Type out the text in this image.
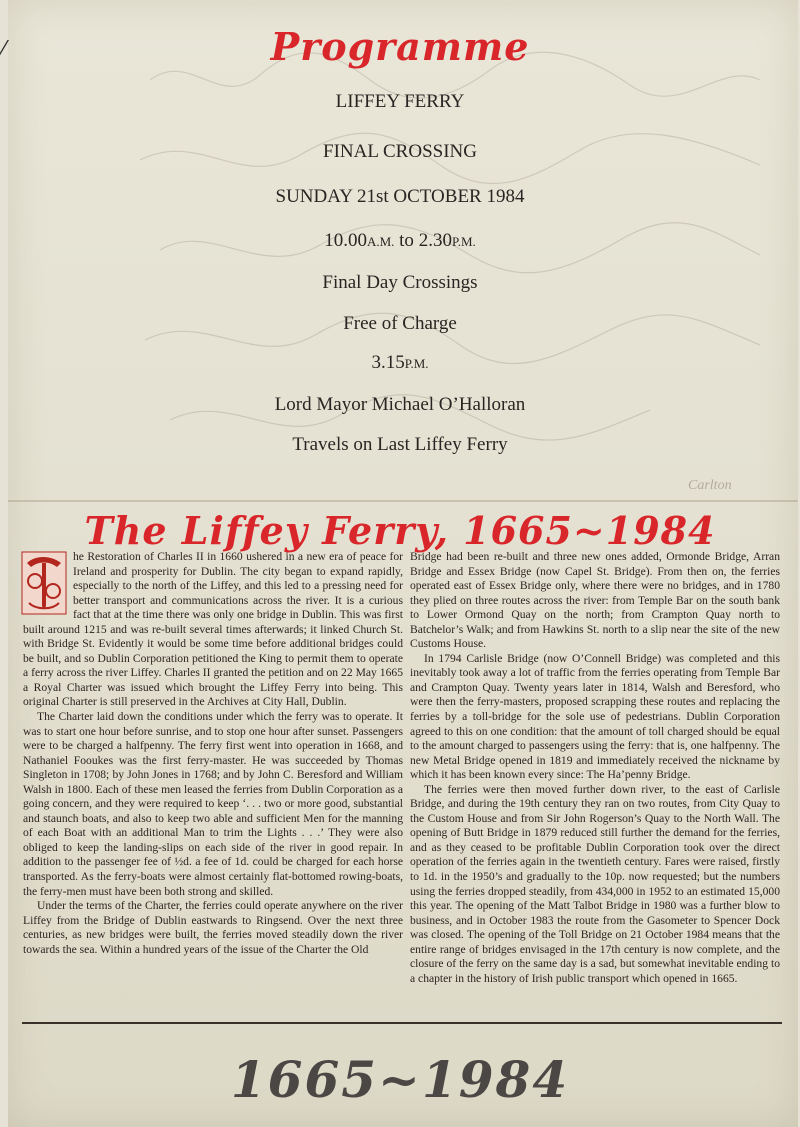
⁄	Programme
LIFFEY FERRY
FINAL CROSSING
SUNDAY 21st OCTOBER 1984
10.00A.M. to 2.30P.M.
Final Day Crossings
Free of Charge
3.15P.M.
Lord Mayor Michael O’Halloran
Travels on Last Liffey Ferry
Carlton
The Liffey Ferry, 1665~1984

he Restoration of Charles II in 1660 ushered in a new era of peace for Ireland and prosperity for Dublin. The city began to expand rapidly, especially to the north of the Liffey, and this led to a pressing need for better transport and communications across the river. It is a curious fact that at the time there was only one bridge in Dublin. This was first built around 1215 and was re-built several times afterwards; it linked Church St. with Bridge St. Evidently it would be some time before additional bridges could be built, and so Dublin Corporation petitioned the King to permit them to operate a ferry across the river Liffey. Charles II granted the petition and on 22 May 1665 a Royal Charter was issued which brought the Liffey Ferry into being. This original Charter is still preserved in the Archives at City Hall, Dublin.

The Charter laid down the conditions under which the ferry was to operate. It was to start one hour before sunrise, and to stop one hour after sunset. Passengers were to be charged a halfpenny. The ferry first went into operation in 1668, and Nathaniel Fooukes was the first ferry-master. He was succeeded by Thomas Singleton in 1708; by John Jones in 1768; and by John C. Beresford and William Walsh in 1800. Each of these men leased the ferries from Dublin Corporation as a going concern, and they were required to keep ‘. . . two or more good, substantial and staunch boats, and also to keep two able and sufficient Men for the manning of each Boat with an additional Man to trim the Lights . . .’ They were also obliged to keep the landing-slips on each side of the river in good repair. In addition to the passenger fee of ½d. a fee of 1d. could be charged for each horse transported. As the ferry-boats were almost certainly flat-bottomed rowing-boats, the ferry-men must have been both strong and skilled.

Under the terms of the Charter, the ferries could operate anywhere on the river Liffey from the Bridge of Dublin eastwards to Ringsend. Over the next three centuries, as new bridges were built, the ferries moved steadily down the river towards the sea. Within a hundred years of the issue of the Charter the Old

Bridge had been re-built and three new ones added, Ormonde Bridge, Arran Bridge and Essex Bridge (now Capel St. Bridge). From then on, the ferries operated east of Essex Bridge only, where there were no bridges, and in 1780 they plied on three routes across the river: from Temple Bar on the south bank to Lower Ormond Quay on the north; from Crampton Quay north to Batchelor’s Walk; and from Hawkins St. north to a slip near the site of the new Customs House.

In 1794 Carlisle Bridge (now O’Connell Bridge) was completed and this inevitably took away a lot of traffic from the ferries operating from Temple Bar and Crampton Quay. Twenty years later in 1814, Walsh and Beresford, who were then the ferry-masters, proposed scrapping these routes and replacing the ferries by a toll-bridge for the sole use of pedestrians. Dublin Corporation agreed to this on one condition: that the amount of toll charged should be equal to the amount charged to passengers using the ferry: that is, one halfpenny. The new Metal Bridge opened in 1819 and immediately received the nickname by which it has been known every since: The Ha’penny Bridge.

The ferries were then moved further down river, to the east of Carlisle Bridge, and during the 19th century they ran on two routes, from City Quay to the Custom House and from Sir John Rogerson’s Quay to the North Wall. The opening of Butt Bridge in 1879 reduced still further the demand for the ferries, and as they ceased to be profitable Dublin Corporation took over the direct operation of the ferries again in the twentieth century. Fares were raised, firstly to 1d. in the 1950’s and gradually to the 10p. now requested; but the numbers using the ferries dropped steadily, from 434,000 in 1952 to an estimated 15,000 this year. The opening of the Matt Talbot Bridge in 1980 was a further blow to business, and in October 1983 the route from the Gasometer to Spencer Dock was closed. The opening of the Toll Bridge on 21 October 1984 means that the entire range of bridges envisaged in the 17th century is now complete, and the closure of the ferry on the same day is a sad, but somewhat inevitable ending to a chapter in the history of Irish public transport which opened in 1665.

1665~1984
